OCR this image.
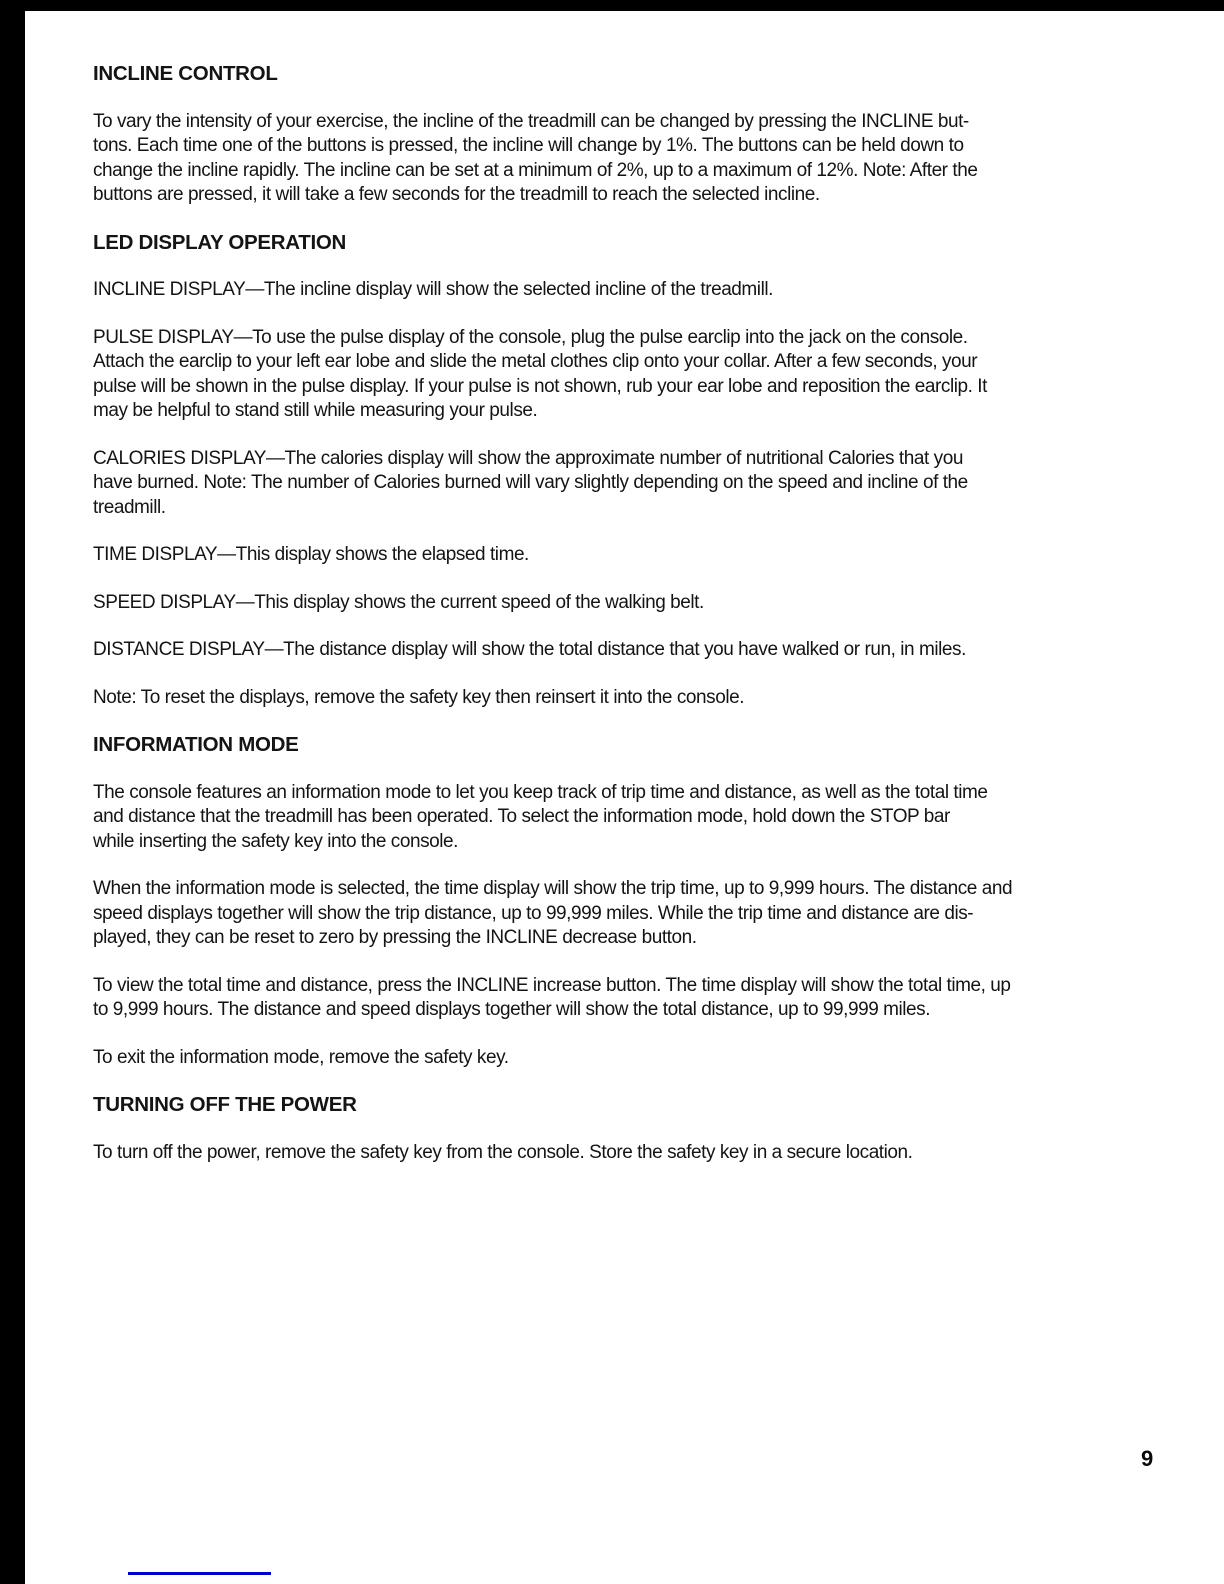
INCLINE CONTROL
To vary the intensity of your exercise, the incline of the treadmill can be changed by pressing the INCLINE but-
tons. Each time one of the buttons is pressed, the incline will change by 1%. The buttons can be held down to
change the incline rapidly. The incline can be set at a minimum of 2%, up to a maximum of 12%. Note: After the
buttons are pressed, it will take a few seconds for the treadmill to reach the selected incline.
LED DISPLAY OPERATION
INCLINE DISPLAY—The incline display will show the selected incline of the treadmill.
PULSE DISPLAY—To use the pulse display of the console, plug the pulse earclip into the jack on the console.
Attach the earclip to your left ear lobe and slide the metal clothes clip onto your collar. After a few seconds, your
pulse will be shown in the pulse display. If your pulse is not shown, rub your ear lobe and reposition the earclip. It
may be helpful to stand still while measuring your pulse.
CALORIES DISPLAY—The calories display will show the approximate number of nutritional Calories that you
have burned. Note: The number of Calories burned will vary slightly depending on the speed and incline of the
treadmill.
TIME DISPLAY—This display shows the elapsed time.
SPEED DISPLAY—This display shows the current speed of the walking belt.
DISTANCE DISPLAY—The distance display will show the total distance that you have walked or run, in miles.
Note: To reset the displays, remove the safety key then reinsert it into the console.
INFORMATION MODE
The console features an information mode to let you keep track of trip time and distance, as well as the total time
and distance that the treadmill has been operated. To select the information mode, hold down the STOP bar
while inserting the safety key into the console.
When the information mode is selected, the time display will show the trip time, up to 9,999 hours. The distance and
speed displays together will show the trip distance, up to 99,999 miles. While the trip time and distance are dis-
played, they can be reset to zero by pressing the INCLINE decrease button.
To view the total time and distance, press the INCLINE increase button. The time display will show the total time, up
to 9,999 hours. The distance and speed displays together will show the total distance, up to 99,999 miles.
To exit the information mode, remove the safety key.
TURNING OFF THE POWER
To turn off the power, remove the safety key from the console. Store the safety key in a secure location.
9
